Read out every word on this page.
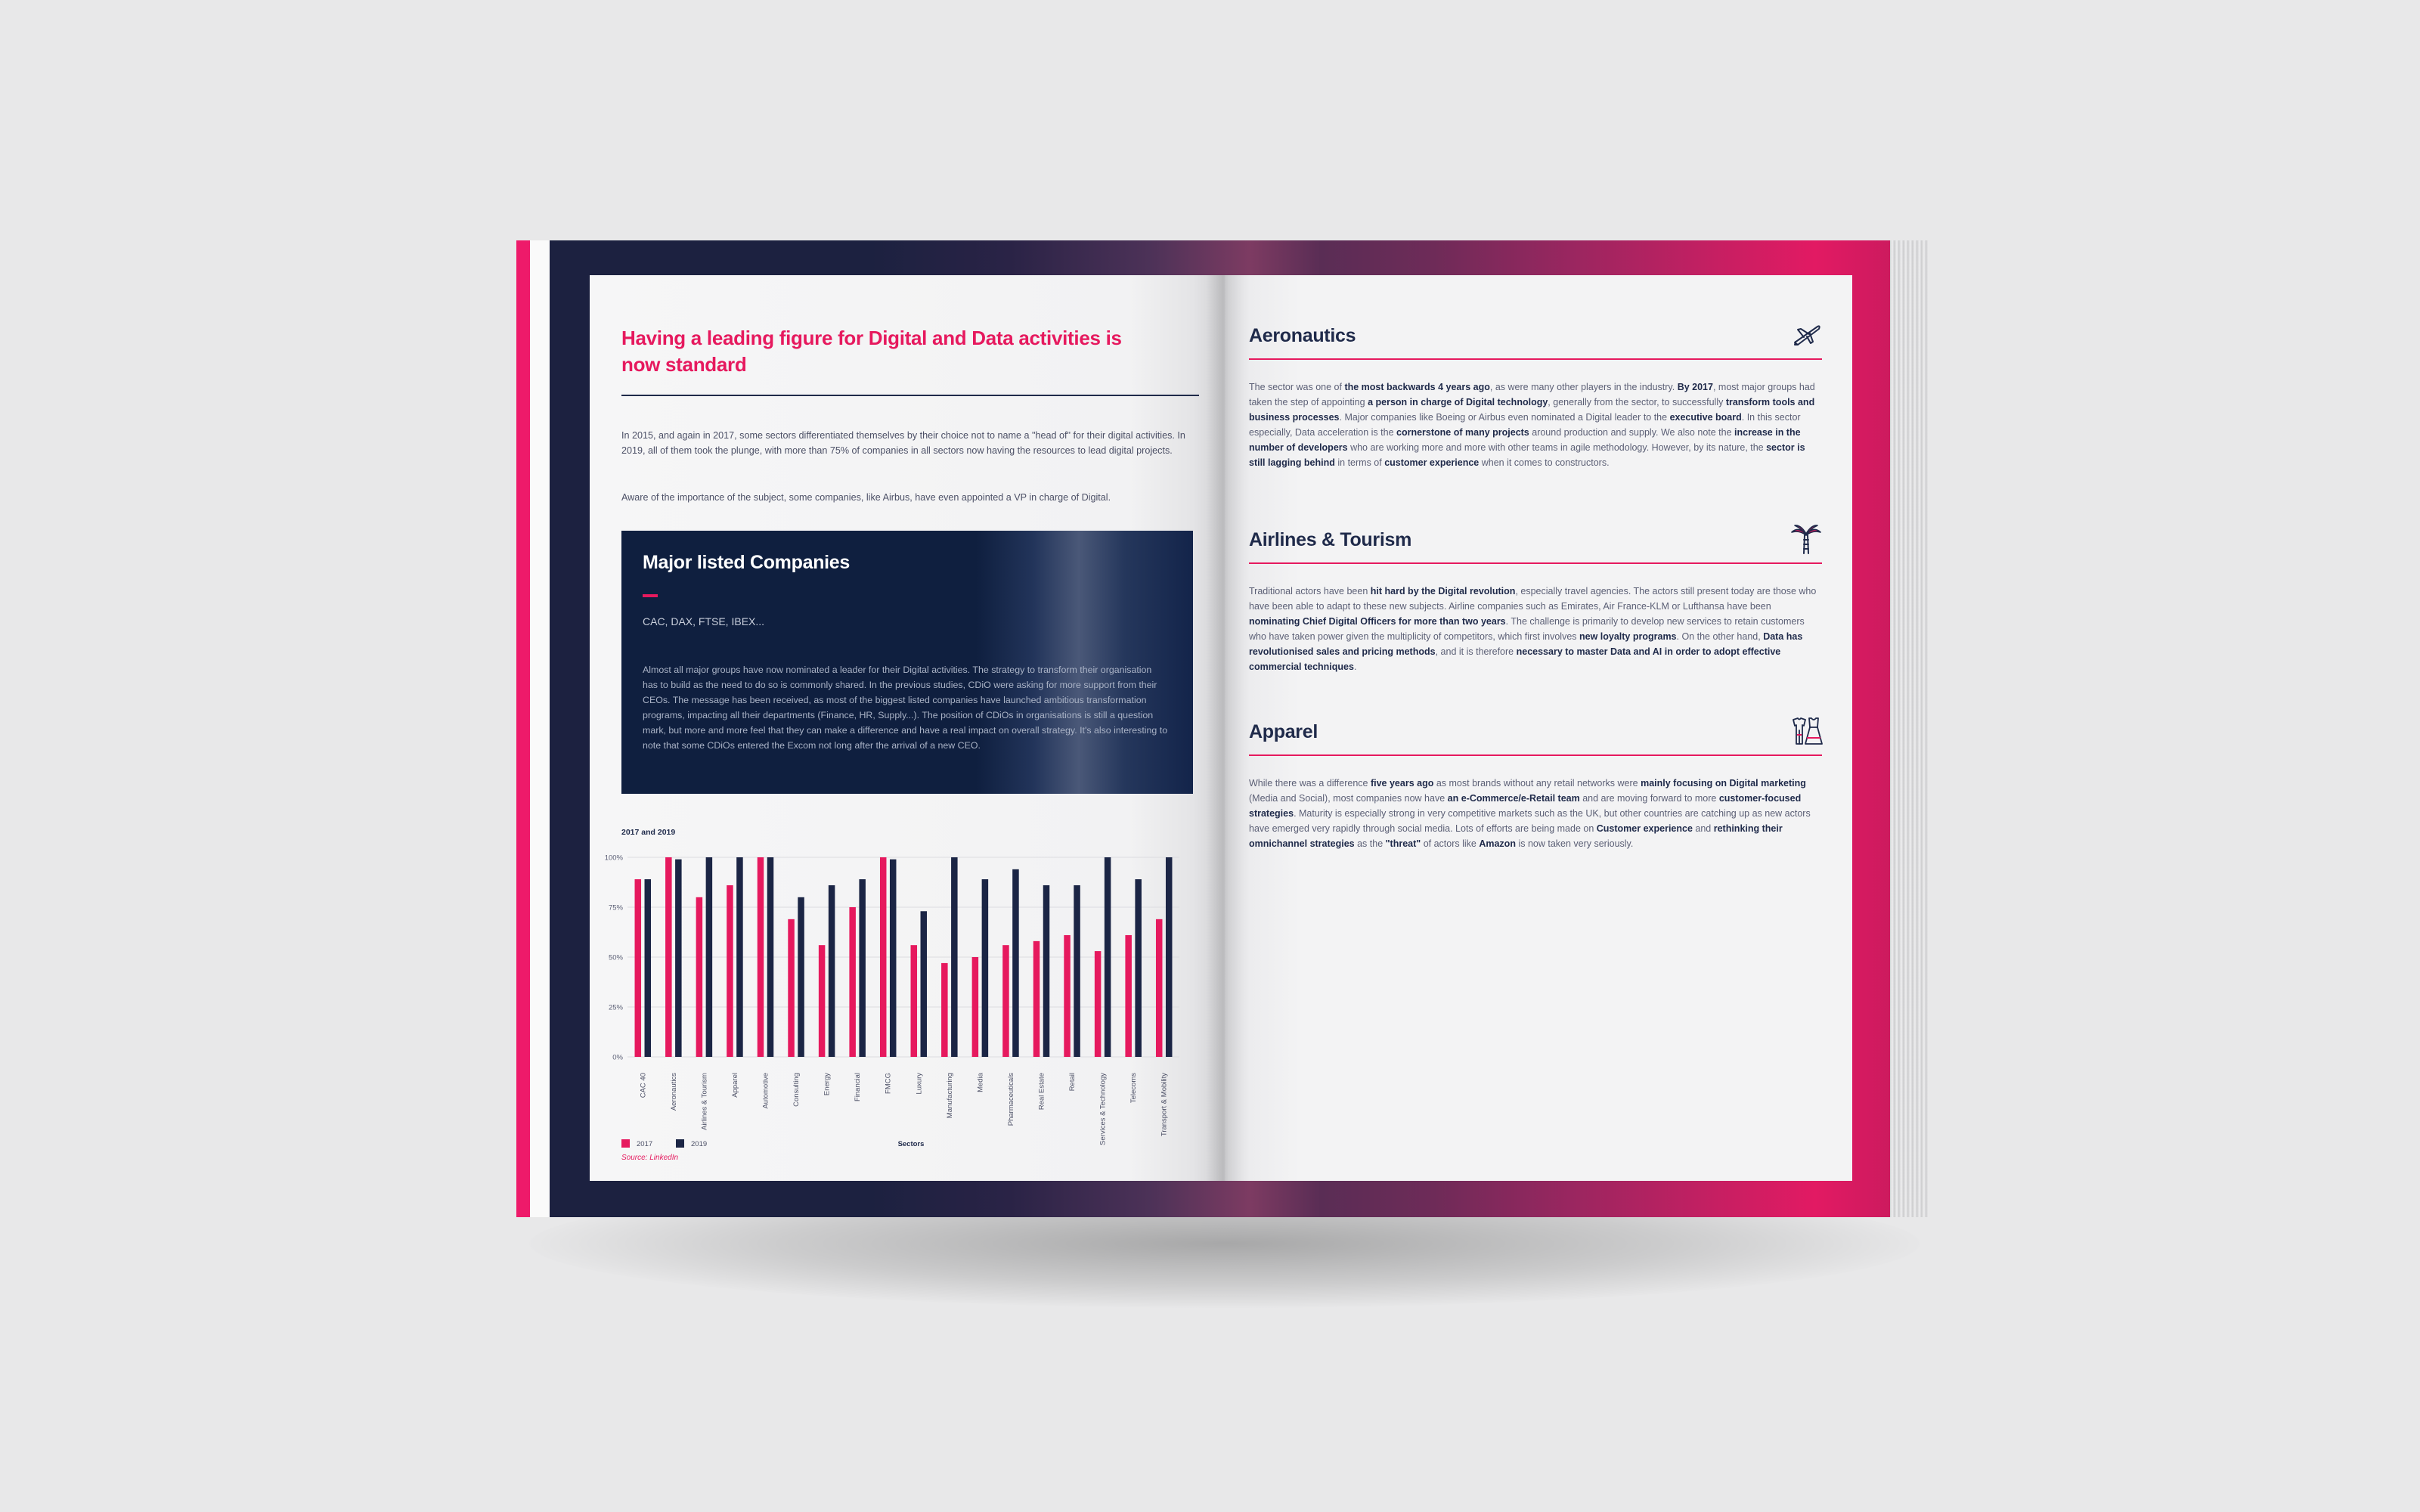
Having a leading figure for Digital and Data activities is now standard
In 2015, and again in 2017, some sectors differentiated themselves by their choice not to name a "head of" for their digital activities. In 2019, all of them took the plunge, with more than 75% of companies in all sectors now having the resources to lead digital projects.
Aware of the importance of the subject, some companies, like Airbus, have even appointed a VP in charge of Digital.
Major listed Companies
CAC, DAX, FTSE, IBEX...
Almost all major groups have now nominated a leader for their Digital activities. The strategy to transform their organisation has to build as the need to do so is commonly shared. In the previous studies, CDiO were asking for more support from their CEOs. The message has been received, as most of the biggest listed companies have launched ambitious transformation programs, impacting all their departments (Finance, HR, Supply...). The position of CDiOs in organisations is still a question mark, but more and more feel that they can make a difference and have a real impact on overall strategy. It's also interesting to note that some CDiOs entered the Excom not long after the arrival of a new CEO.
2017 and 2019
0%
25%
50%
75%
100%
CAC 40	Aeronautics	Airlines & Tourism	Apparel	Automotive	Consulting	Energy	Financial	FMCG	Luxury	Manufacturing	Media	Pharmaceuticals	Real Estate	Retail	Services & Technology	Telecoms	Transport & Mobility
2017	2019	Sectors
Source: LinkedIn
Aeronautics
The sector was one of the most backwards 4 years ago, as were many other players in the industry. By 2017, most major groups had taken the step of appointing a person in charge of Digital technology, generally from the sector, to successfully transform tools and business processes. Major companies like Boeing or Airbus even nominated a Digital leader to the executive board. In this sector especially, Data acceleration is the cornerstone of many projects around production and supply. We also note the increase in the number of developers who are working more and more with other teams in agile methodology. However, by its nature, the sector is still lagging behind in terms of customer experience when it comes to constructors.
Airlines & Tourism
Traditional actors have been hit hard by the Digital revolution, especially travel agencies. The actors still present today are those who have been able to adapt to these new subjects. Airline companies such as Emirates, Air France-KLM or Lufthansa have been nominating Chief Digital Officers for more than two years. The challenge is primarily to develop new services to retain customers who have taken power given the multiplicity of competitors, which first involves new loyalty programs. On the other hand, Data has revolutionised sales and pricing methods, and it is therefore necessary to master Data and AI in order to adopt effective commercial techniques.
Apparel
While there was a difference five years ago as most brands without any retail networks were mainly focusing on Digital marketing (Media and Social), most companies now have an e-Commerce/e-Retail team and are moving forward to more customer-focused strategies. Maturity is especially strong in very competitive markets such as the UK, but other countries are catching up as new actors have emerged very rapidly through social media. Lots of efforts are being made on Customer experience and rethinking their omnichannel strategies as the "threat" of actors like Amazon is now taken very seriously.
